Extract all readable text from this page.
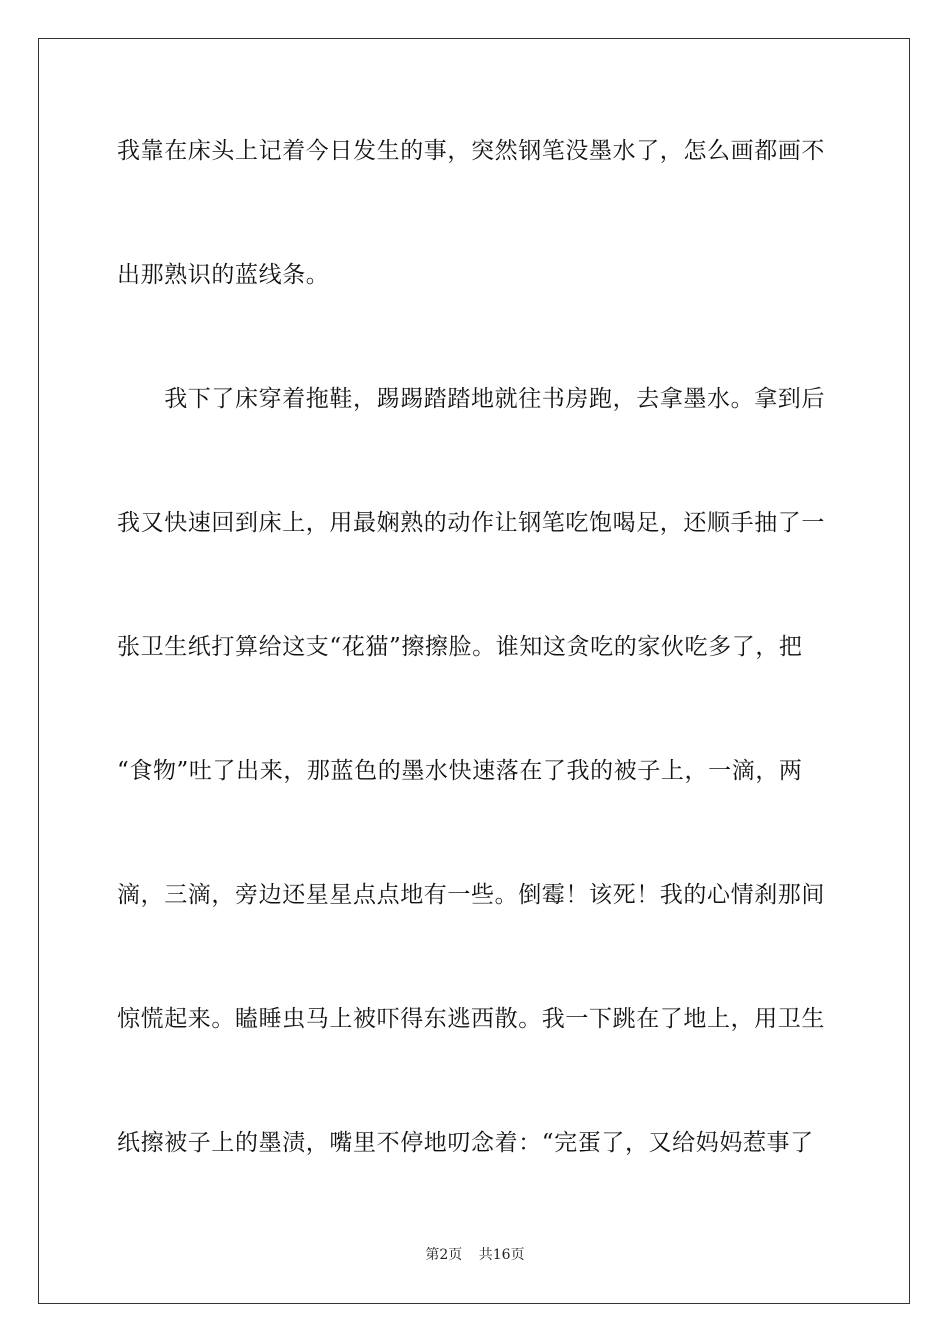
我靠在床头上记着今日发生的事，突然钢笔没墨水了，怎么画都画不
出那熟识的蓝线条。
　　我下了床穿着拖鞋，踢踢踏踏地就往书房跑，去拿墨水。拿到后
我又快速回到床上，用最娴熟的动作让钢笔吃饱喝足，还顺手抽了一
张卫生纸打算给这支“花猫”擦擦脸。谁知这贪吃的家伙吃多了，把
“食物”吐了出来，那蓝色的墨水快速落在了我的被子上，一滴，两
滴，三滴，旁边还星星点点地有一些。倒霉！该死！我的心情刹那间
惊慌起来。瞌睡虫马上被吓得东逃西散。我一下跳在了地上，用卫生
纸擦被子上的墨渍，嘴里不停地叨念着：“完蛋了，又给妈妈惹事了
第2页 共16页
